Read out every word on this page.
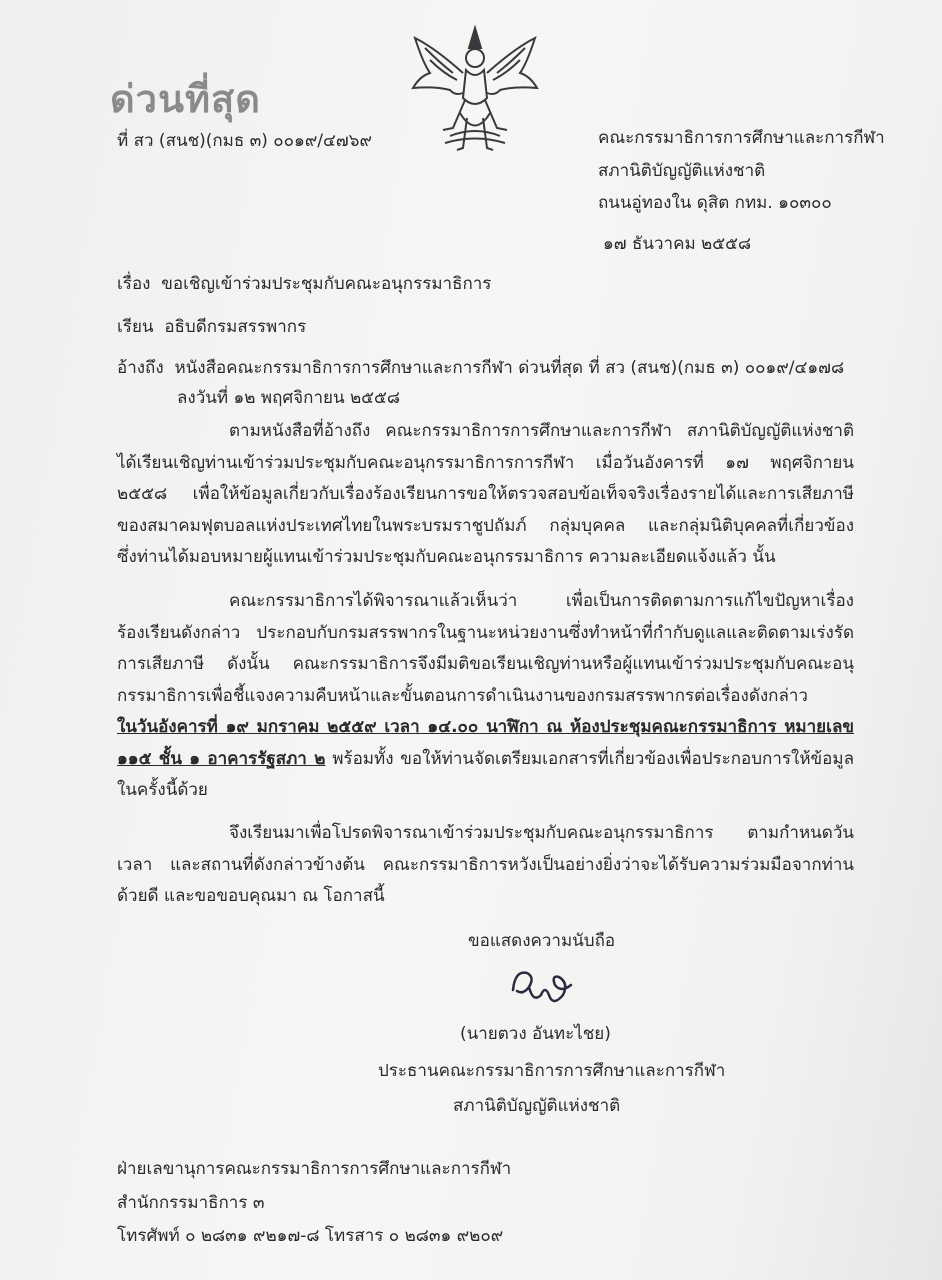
ด่วนที่สุด
ที่ สว (สนช)(กมธ ๓) ๐๐๑๙/๔๗๖๙	คณะกรรมาธิการการศึกษาและการกีฬา
สภานิติบัญญัติแห่งชาติ
ถนนอู่ทองใน ดุสิต กทม. ๑๐๓๐๐
๑๗ ธันวาคม ๒๕๕๘
เรื่อง ขอเชิญเข้าร่วมประชุมกับคณะอนุกรรมาธิการ
เรียน อธิบดีกรมสรรพากร
อ้างถึง หนังสือคณะกรรมาธิการการศึกษาและการกีฬา ด่วนที่สุด ที่ สว (สนช)(กมธ ๓) ๐๐๑๙/๔๑๗๘
ลงวันที่ ๑๒ พฤศจิกายน ๒๕๕๘
ตามหนังสือที่อ้างถึง คณะกรรมาธิการการศึกษาและการกีฬา สภานิติบัญญัติแห่งชาติ
ได้เรียนเชิญท่านเข้าร่วมประชุมกับคณะอนุกรรมาธิการการกีฬา เมื่อวันอังคารที่ ๑๗ พฤศจิกายน
๒๕๕๘ เพื่อให้ข้อมูลเกี่ยวกับเรื่องร้องเรียนการขอให้ตรวจสอบข้อเท็จจริงเรื่องรายได้และการเสียภาษี
ของสมาคมฟุตบอลแห่งประเทศไทยในพระบรมราชูปถัมภ์ กลุ่มบุคคล และกลุ่มนิติบุคคลที่เกี่ยวข้อง
ซึ่งท่านได้มอบหมายผู้แทนเข้าร่วมประชุมกับคณะอนุกรรมาธิการ ความละเอียดแจ้งแล้ว นั้น
คณะกรรมาธิการได้พิจารณาแล้วเห็นว่า เพื่อเป็นการติดตามการแก้ไขปัญหาเรื่อง
ร้องเรียนดังกล่าว ประกอบกับกรมสรรพากรในฐานะหน่วยงานซึ่งทำหน้าที่กำกับดูแลและติดตามเร่งรัด
การเสียภาษี ดังนั้น คณะกรรมาธิการจึงมีมติขอเรียนเชิญท่านหรือผู้แทนเข้าร่วมประชุมกับคณะอนุ
กรรมาธิการเพื่อชี้แจงความคืบหน้าและขั้นตอนการดำเนินงานของกรมสรรพากรต่อเรื่องดังกล่าว
ในวันอังคารที่ ๑๙ มกราคม ๒๕๕๙ เวลา ๑๔.๐๐ นาฬิกา ณ ห้องประชุมคณะกรรมาธิการ หมายเลข
๑๑๕ ชั้น ๑ อาคารรัฐสภา ๒ พร้อมทั้ง ขอให้ท่านจัดเตรียมเอกสารที่เกี่ยวข้องเพื่อประกอบการให้ข้อมูล
ในครั้งนี้ด้วย
จึงเรียนมาเพื่อโปรดพิจารณาเข้าร่วมประชุมกับคณะอนุกรรมาธิการ ตามกำหนดวัน
เวลา และสถานที่ดังกล่าวข้างต้น คณะกรรมาธิการหวังเป็นอย่างยิ่งว่าจะได้รับความร่วมมือจากท่าน
ด้วยดี และขอขอบคุณมา ณ โอกาสนี้
ขอแสดงความนับถือ
(นายตวง อันทะไชย)
ประธานคณะกรรมาธิการการศึกษาและการกีฬา
สภานิติบัญญัติแห่งชาติ
ฝ่ายเลขานุการคณะกรรมาธิการการศึกษาและการกีฬา
สำนักกรรมาธิการ ๓
โทรศัพท์ ๐ ๒๘๓๑ ๙๒๑๗-๘ โทรสาร ๐ ๒๘๓๑ ๙๒๐๙
